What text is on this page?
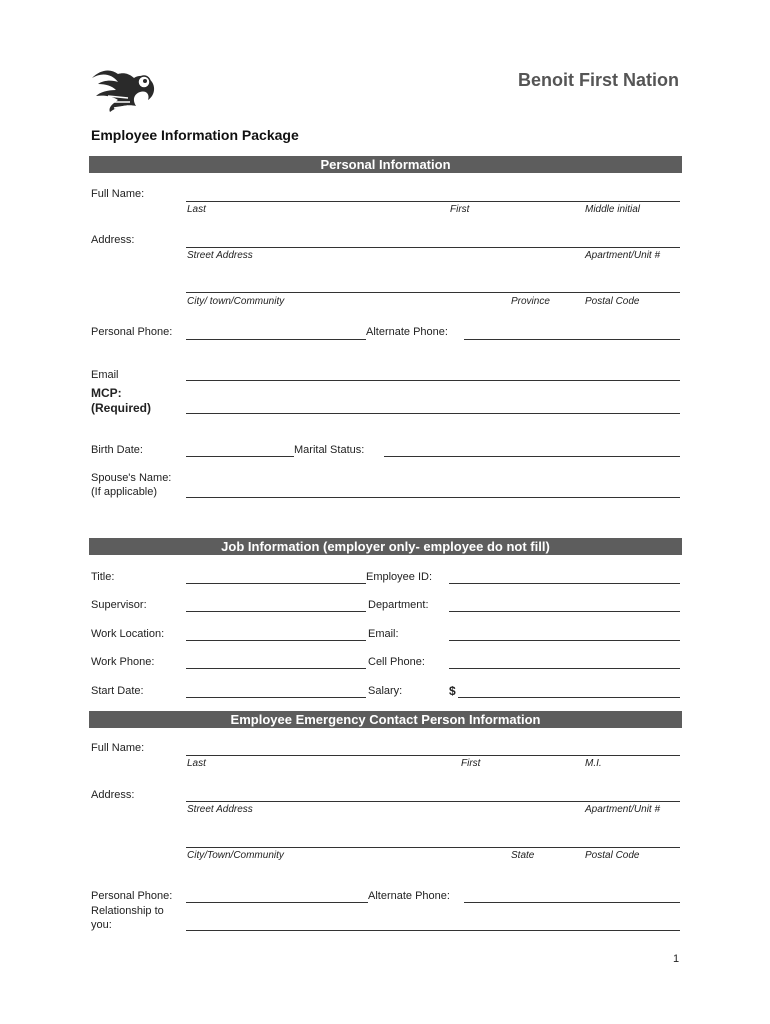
Benoit First Nation
Employee Information Package
Personal Information
Full Name:
Last	First	Middle initial
Address:
Street Address	Apartment/Unit #
City/ town/Community	Province	Postal Code
Personal Phone:	Alternate Phone:
Email
MCP:
(Required)
Birth Date:	Marital Status:
Spouse's Name:
(If applicable)
Job Information (employer only- employee do not fill)
Title:	Employee ID:
Supervisor:	Department:
Work Location:	Email:
Work Phone:	Cell Phone:
Start Date:	Salary:	$
Employee Emergency Contact Person Information
Full Name:
Last	First	M.I.
Address:
Street Address	Apartment/Unit #
City/Town/Community	State	Postal Code
Personal Phone:	Alternate Phone:
Relationship to
you:
1
